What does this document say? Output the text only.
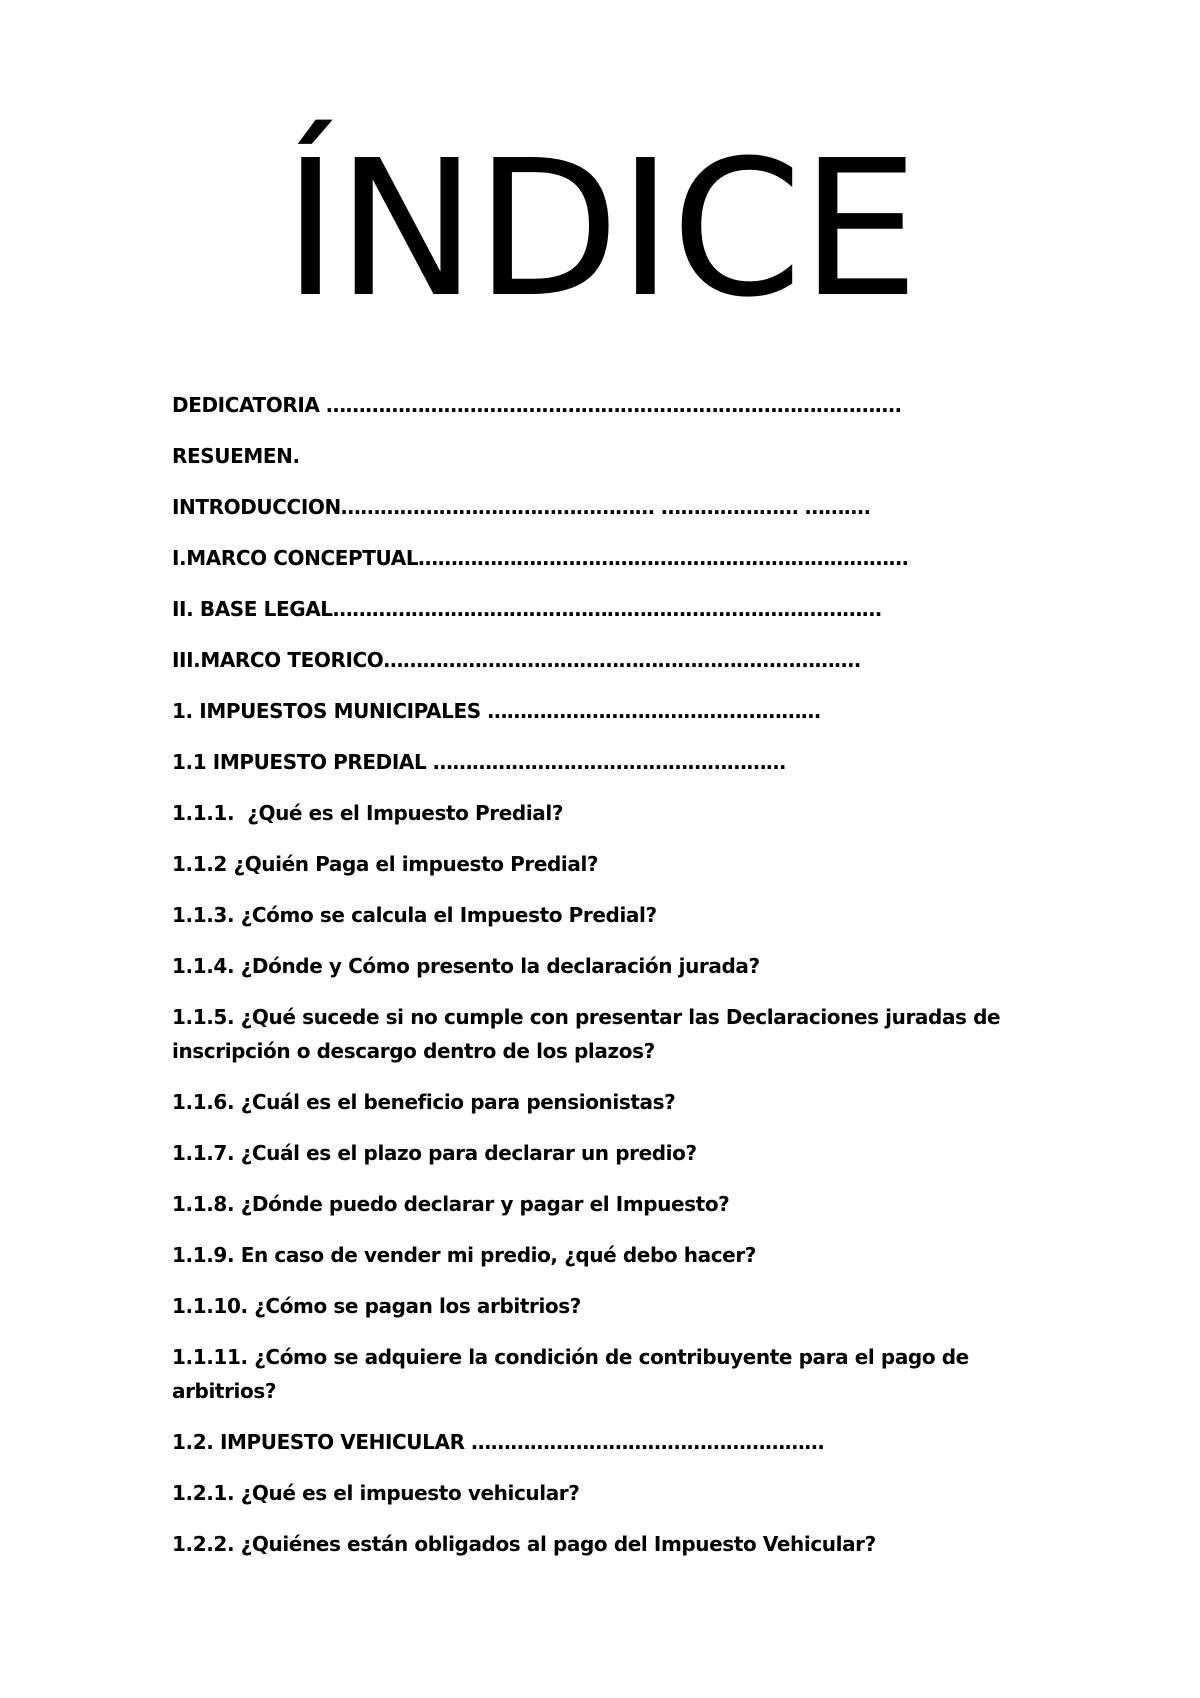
ÍNDICE
DEDICATORIA …………………………………………………………………………….
RESUEMEN.
INTRODUCCION………………………………………… ………………… ……….
I.MARCO CONCEPTUAL…………………………………………………………………
II. BASE LEGAL…………………………………………………………………………
III.MARCO TEORICO……………………………………………………………….
1. IMPUESTOS MUNICIPALES ……………………………………………
1.1 IMPUESTO PREDIAL ………………………………………………
1.1.1.  ¿Qué es el Impuesto Predial?
1.1.2 ¿Quién Paga el impuesto Predial?
1.1.3. ¿Cómo se calcula el Impuesto Predial?
1.1.4. ¿Dónde y Cómo presento la declaración jurada?
1.1.5. ¿Qué sucede si no cumple con presentar las Declaraciones juradas de inscripción o descargo dentro de los plazos?
1.1.6. ¿Cuál es el beneficio para pensionistas?
1.1.7. ¿Cuál es el plazo para declarar un predio?
1.1.8. ¿Dónde puedo declarar y pagar el Impuesto?
1.1.9. En caso de vender mi predio, ¿qué debo hacer?
1.1.10. ¿Cómo se pagan los arbitrios?
1.1.11. ¿Cómo se adquiere la condición de contribuyente para el pago de arbitrios?
1.2. IMPUESTO VEHICULAR ………………………………………………
1.2.1. ¿Qué es el impuesto vehicular?
1.2.2. ¿Quiénes están obligados al pago del Impuesto Vehicular?
